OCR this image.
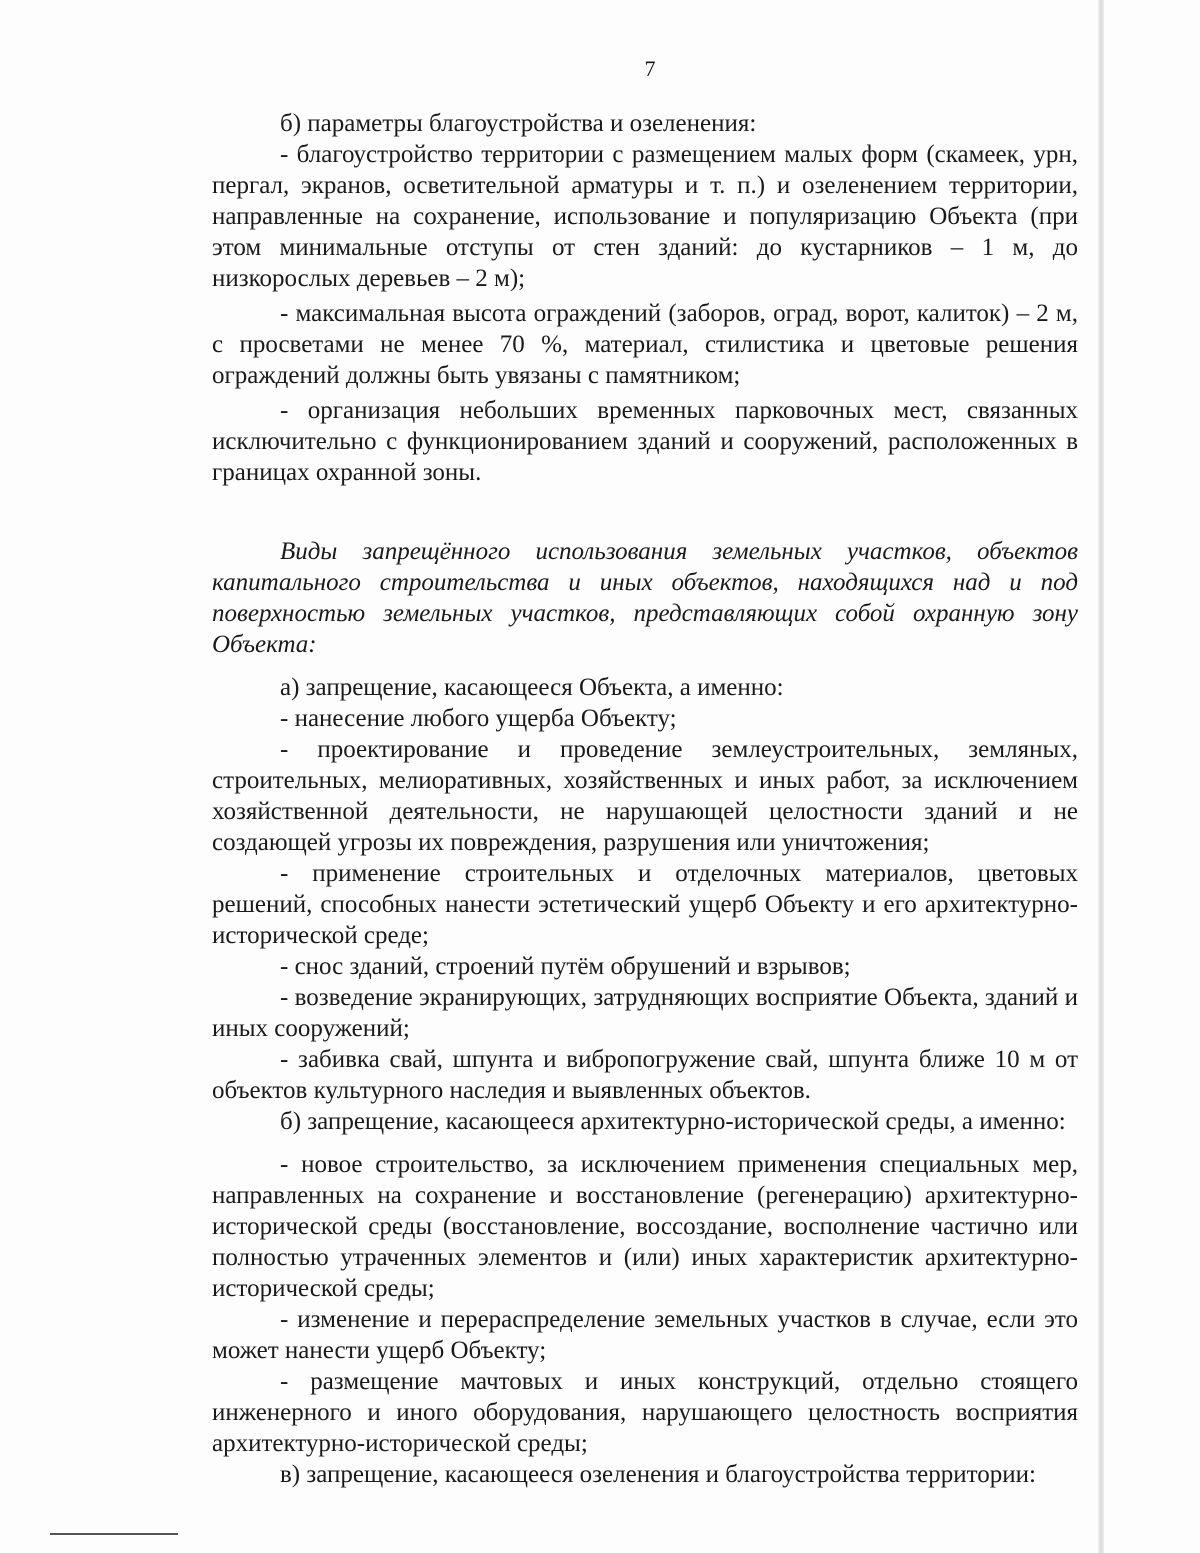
7

б) параметры благоустройства и озеленения:

- благоустройство территории с размещением малых форм (скамеек, урн, пергал, экранов, осветительной арматуры и т. п.) и озеленением территории, направленные на сохранение, использование и популяризацию Объекта (при этом минимальные отступы от стен зданий: до кустарников – 1 м, до низкорослых деревьев – 2 м);

- максимальная высота ограждений (заборов, оград, ворот, калиток) – 2 м, с просветами не менее 70 %, материал, стилистика и цветовые решения ограждений должны быть увязаны с памятником;

- организация небольших временных парковочных мест, связанных исключительно с функционированием зданий и сооружений, расположенных в границах охранной зоны.

Виды запрещённого использования земельных участков, объектов капитального строительства и иных объектов, находящихся над и под поверхностью земельных участков, представляющих собой охранную зону Объекта:

а) запрещение, касающееся Объекта, а именно:

- нанесение любого ущерба Объекту;

- проектирование и проведение землеустроительных, земляных, строительных, мелиоративных, хозяйственных и иных работ, за исключением хозяйственной деятельности, не нарушающей целостности зданий и не создающей угрозы их повреждения, разрушения или уничтожения;

- применение строительных и отделочных материалов, цветовых решений, способных нанести эстетический ущерб Объекту и его архитектурно-исторической среде;

- снос зданий, строений путём обрушений и взрывов;

- возведение экранирующих, затрудняющих восприятие Объекта, зданий и иных сооружений;

- забивка свай, шпунта и вибропогружение свай, шпунта ближе 10 м от объектов культурного наследия и выявленных объектов.

б) запрещение, касающееся архитектурно-исторической среды, а именно:

- новое строительство, за исключением применения специальных мер, направленных на сохранение и восстановление (регенерацию) архитектурно-исторической среды (восстановление, воссоздание, восполнение частично или полностью утраченных элементов и (или) иных характеристик архитектурно-исторической среды;

- изменение и перераспределение земельных участков в случае, если это может нанести ущерб Объекту;

- размещение мачтовых и иных конструкций, отдельно стоящего инженерного и иного оборудования, нарушающего целостность восприятия архитектурно-исторической среды;

в) запрещение, касающееся озеленения и благоустройства территории:
